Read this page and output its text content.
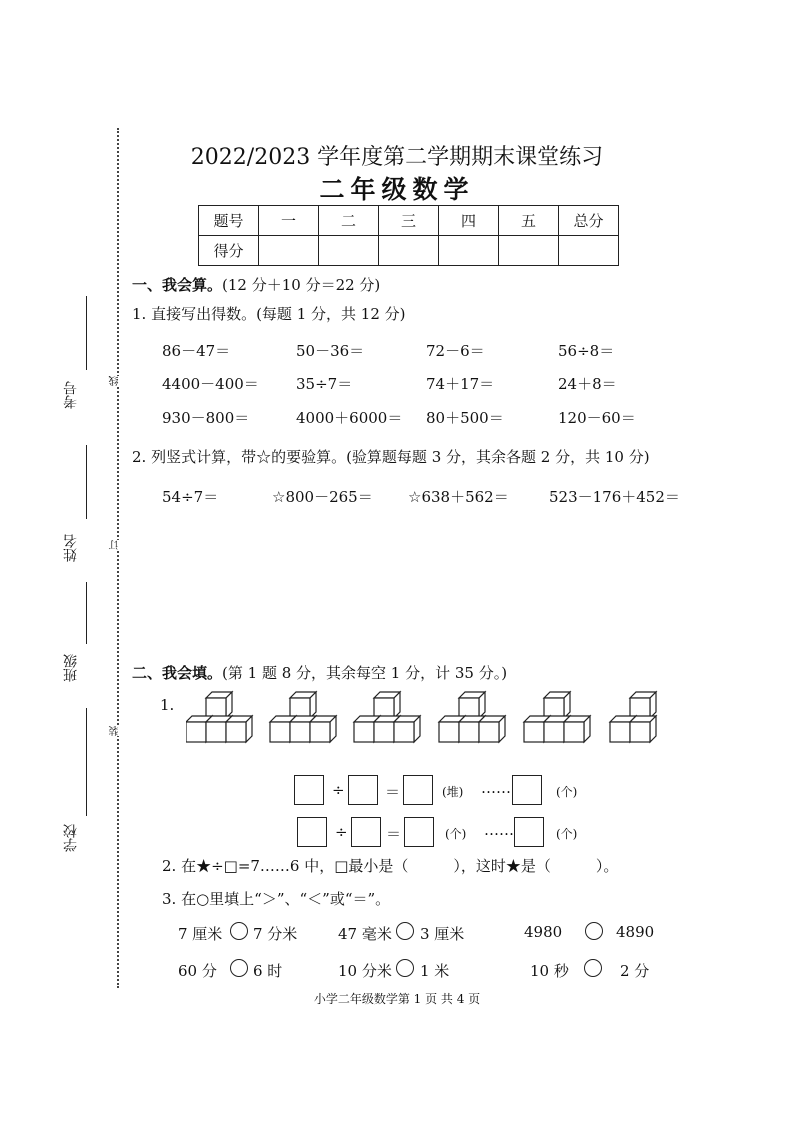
考号
姓名
班级
学校
线
订
装
2022/2023 学年度第二学期期末课堂练习
二年级数学
题号	一	二	三	四	五	总分
得分						
一、我会算。(12 分＋10 分＝22 分)
1. 直接写出得数。(每题 1 分，共 12 分)
86－47＝	50－36＝	72－6＝	56÷8＝
4400－400＝ 35÷7＝	74＋17＝	24＋8＝
930－800＝	4000＋6000＝ 80＋500＝	120－60＝
2. 列竖式计算，带☆的要验算。(验算题每题 3 分，其余各题 2 分，共 10 分)
54÷7＝	☆800－265＝ ☆638＋562＝	523－176＋452＝
二、我会填。(第 1 题 8 分，其余每空 1 分，计 35 分。)
1.
÷	＝	(堆) ……	(个)
÷	＝	(个) ……	(个)
2. 在★÷□=7……6 中，□最小是（　　　），这时★是（　　　）。
3. 在○里填上“＞”、“＜”或“＝”。
7 厘米 7 分米	47 毫米 3 厘米	4980	4890
60 分 6 时	10 分米 1 米	10 秒	2 分
小学二年级数学第 1 页 共 4 页
